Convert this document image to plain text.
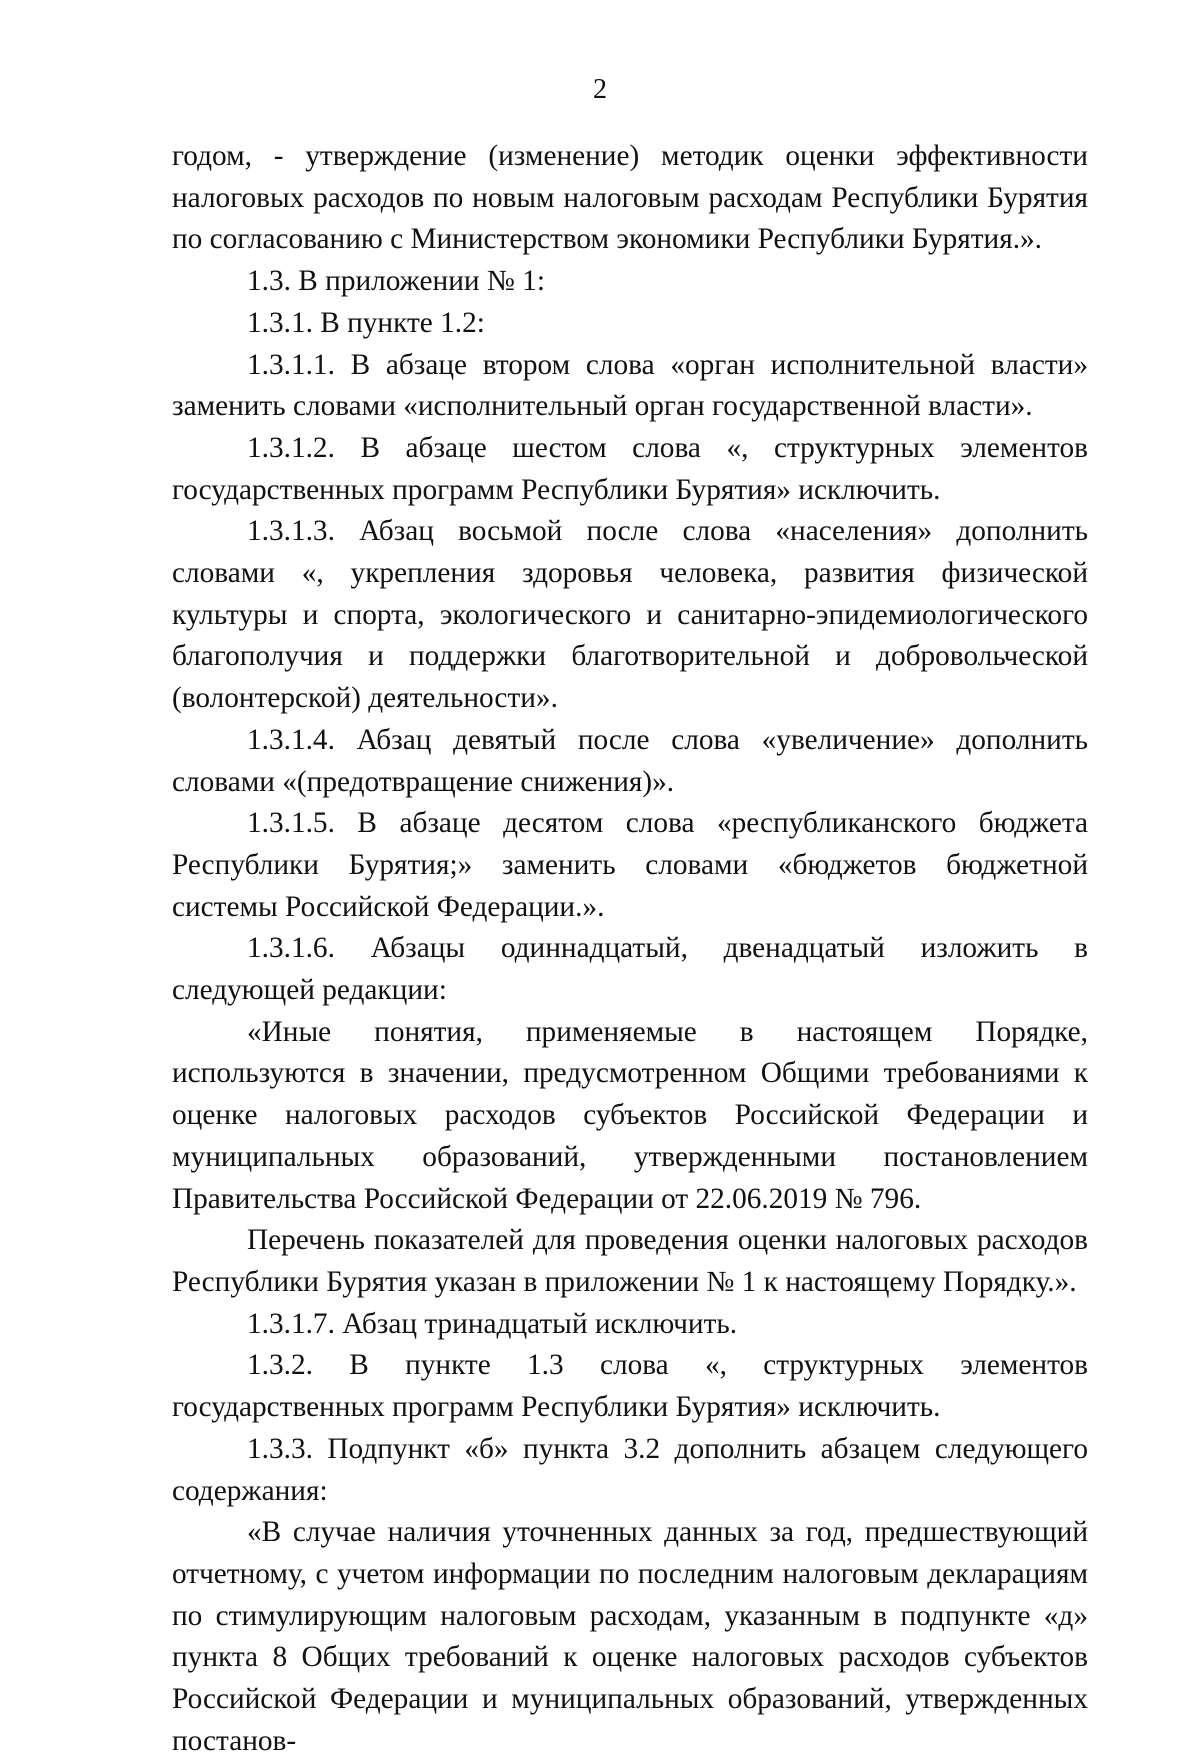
2

годом, - утверждение (изменение) методик оценки эффективности налоговых расходов по новым налоговым расходам Республики Бурятия по согласованию с Министерством экономики Республики Бурятия.».

1.3. В приложении № 1:

1.3.1. В пункте 1.2:

1.3.1.1. В абзаце втором слова «орган исполнительной власти» заменить словами «исполнительный орган государственной власти».

1.3.1.2. В абзаце шестом слова «, структурных элементов государственных программ Республики Бурятия» исключить.

1.3.1.3. Абзац восьмой после слова «населения» дополнить словами «, укрепления здоровья человека, развития физической культуры и спорта, экологического и санитарно-эпидемиологического благополучия и поддержки благотворительной и добровольческой (волонтерской) деятельности».

1.3.1.4. Абзац девятый после слова «увеличение» дополнить словами «(предотвращение снижения)».

1.3.1.5. В абзаце десятом слова «республиканского бюджета Республики Бурятия;» заменить словами «бюджетов бюджетной системы Российской Федерации.».

1.3.1.6. Абзацы одиннадцатый, двенадцатый изложить в следующей редакции:

«Иные понятия, применяемые в настоящем Порядке, используются в значении, предусмотренном Общими требованиями к оценке налоговых расходов субъектов Российской Федерации и муниципальных образований, утвержденными постановлением Правительства Российской Федерации от 22.06.2019 № 796.

Перечень показателей для проведения оценки налоговых расходов Республики Бурятия указан в приложении № 1 к настоящему Порядку.».

1.3.1.7. Абзац тринадцатый исключить.

1.3.2. В пункте 1.3 слова «, структурных элементов государственных программ Республики Бурятия» исключить.

1.3.3. Подпункт «б» пункта 3.2 дополнить абзацем следующего содержания:

«В случае наличия уточненных данных за год, предшествующий отчетному, с учетом информации по последним налоговым декларациям по стимулирующим налоговым расходам, указанным в подпункте «д» пункта 8 Общих требований к оценке налоговых расходов субъектов Российской Федерации и муниципальных образований, утвержденных постанов-
